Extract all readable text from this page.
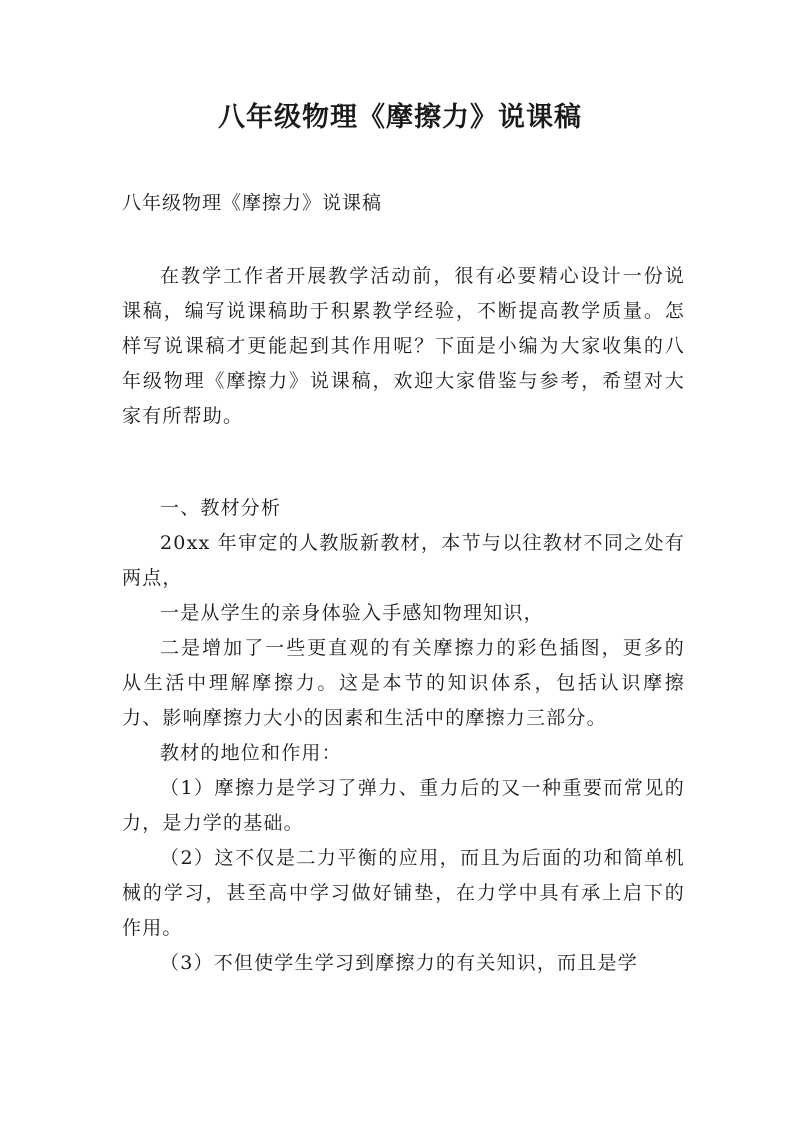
八年级物理《摩擦力》说课稿
八年级物理《摩擦力》说课稿

在教学工作者开展教学活动前，很有必要精心设计一份说课稿，编写说课稿助于积累教学经验，不断提高教学质量。怎样写说课稿才更能起到其作用呢？下面是小编为大家收集的八年级物理《摩擦力》说课稿，欢迎大家借鉴与参考，希望对大家有所帮助。

一、教材分析

20xx 年审定的人教版新教材，本节与以往教材不同之处有两点，

一是从学生的亲身体验入手感知物理知识，

二是增加了一些更直观的有关摩擦力的彩色插图，更多的从生活中理解摩擦力。这是本节的知识体系，包括认识摩擦力、影响摩擦力大小的因素和生活中的摩擦力三部分。

教材的地位和作用：

（1）摩擦力是学习了弹力、重力后的又一种重要而常见的力，是力学的基础。

（2）这不仅是二力平衡的应用，而且为后面的功和简单机械的学习，甚至高中学习做好铺垫，在力学中具有承上启下的作用。

（3）不但使学生学习到摩擦力的有关知识，而且是学
